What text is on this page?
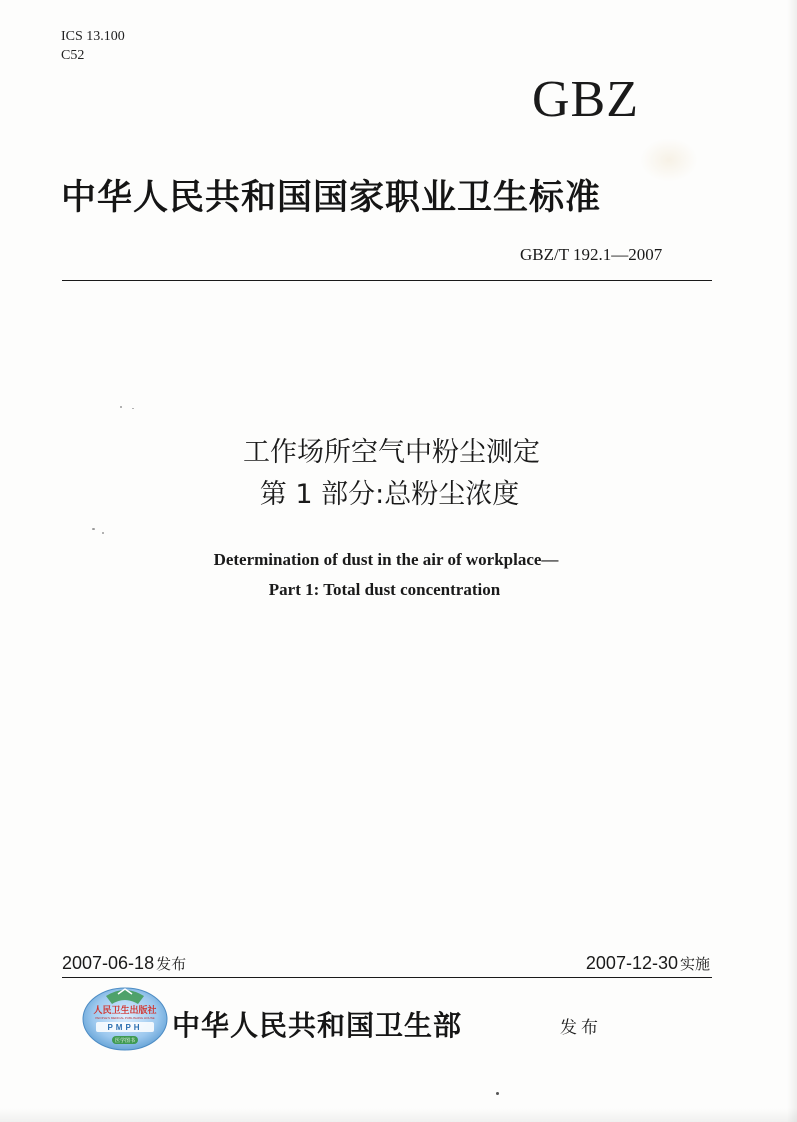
ICS 13.100
C52
GBZ
中华人民共和国国家职业卫生标准
GBZ/T 192.1—2007
工作场所空气中粉尘测定
第 1 部分:总粉尘浓度
Determination of dust in the air of workplace—
Part 1: Total dust concentration
2007-06-18 发布	2007-12-30 实施
人民卫生出版社
PEOPLE'S MEDICAL PUBLISHING HOUSE
PMPH
医学图书 中华人民共和国卫生部	发布
